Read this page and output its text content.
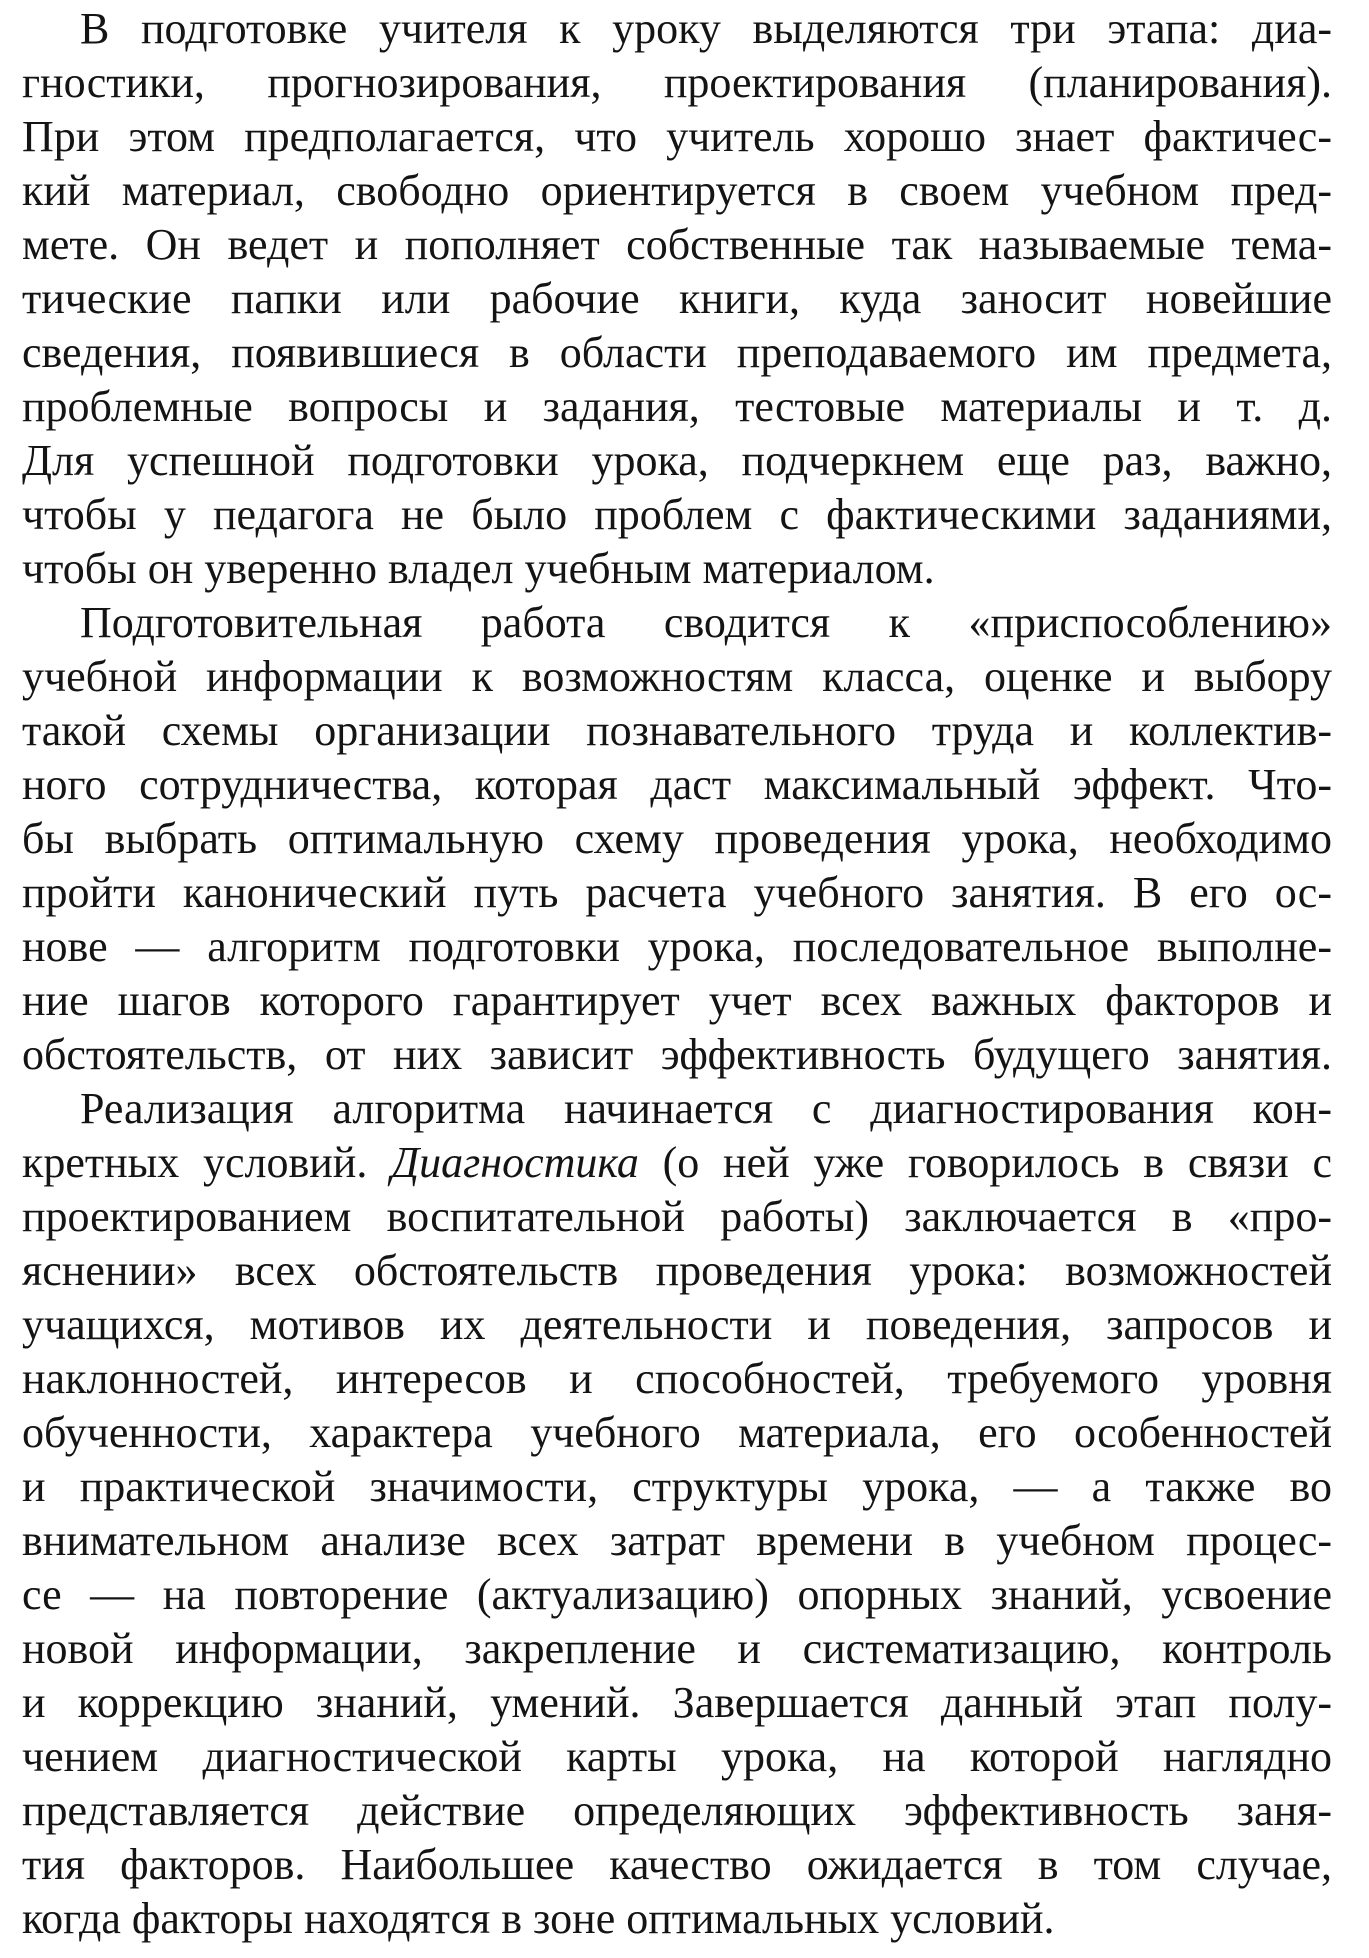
В подготовке учителя к уроку выделяются три этапа: диа-
гностики, прогнозирования, проектирования (планирования).
При этом предполагается, что учитель хорошо знает фактичес-
кий материал, свободно ориентируется в своем учебном пред-
мете. Он ведет и пополняет собственные так называемые тема-
тические папки или рабочие книги, куда заносит новейшие
сведения, появившиеся в области преподаваемого им предмета,
проблемные вопросы и задания, тестовые материалы и т. д.
Для успешной подготовки урока, подчеркнем еще раз, важно,
чтобы у педагога не было проблем с фактическими заданиями,
чтобы он уверенно владел учебным материалом.
Подготовительная работа сводится к «приспособлению»
учебной информации к возможностям класса, оценке и выбору
такой схемы организации познавательного труда и коллектив-
ного сотрудничества, которая даст максимальный эффект. Что-
бы выбрать оптимальную схему проведения урока, необходимо
пройти канонический путь расчета учебного занятия. В его ос-
нове — алгоритм подготовки урока, последовательное выполне-
ние шагов которого гарантирует учет всех важных факторов и
обстоятельств, от них зависит эффективность будущего занятия.
Реализация алгоритма начинается с диагностирования кон-
кретных условий. Диагностика (о ней уже говорилось в связи с
проектированием воспитательной работы) заключается в «про-
яснении» всех обстоятельств проведения урока: возможностей
учащихся, мотивов их деятельности и поведения, запросов и
наклонностей, интересов и способностей, требуемого уровня
обученности, характера учебного материала, его особенностей
и практической значимости, структуры урока, — а также во
внимательном анализе всех затрат времени в учебном процес-
се — на повторение (актуализацию) опорных знаний, усвоение
новой информации, закрепление и систематизацию, контроль
и коррекцию знаний, умений. Завершается данный этап полу-
чением диагностической карты урока, на которой наглядно
представляется действие определяющих эффективность заня-
тия факторов. Наибольшее качество ожидается в том случае,
когда факторы находятся в зоне оптимальных условий.
